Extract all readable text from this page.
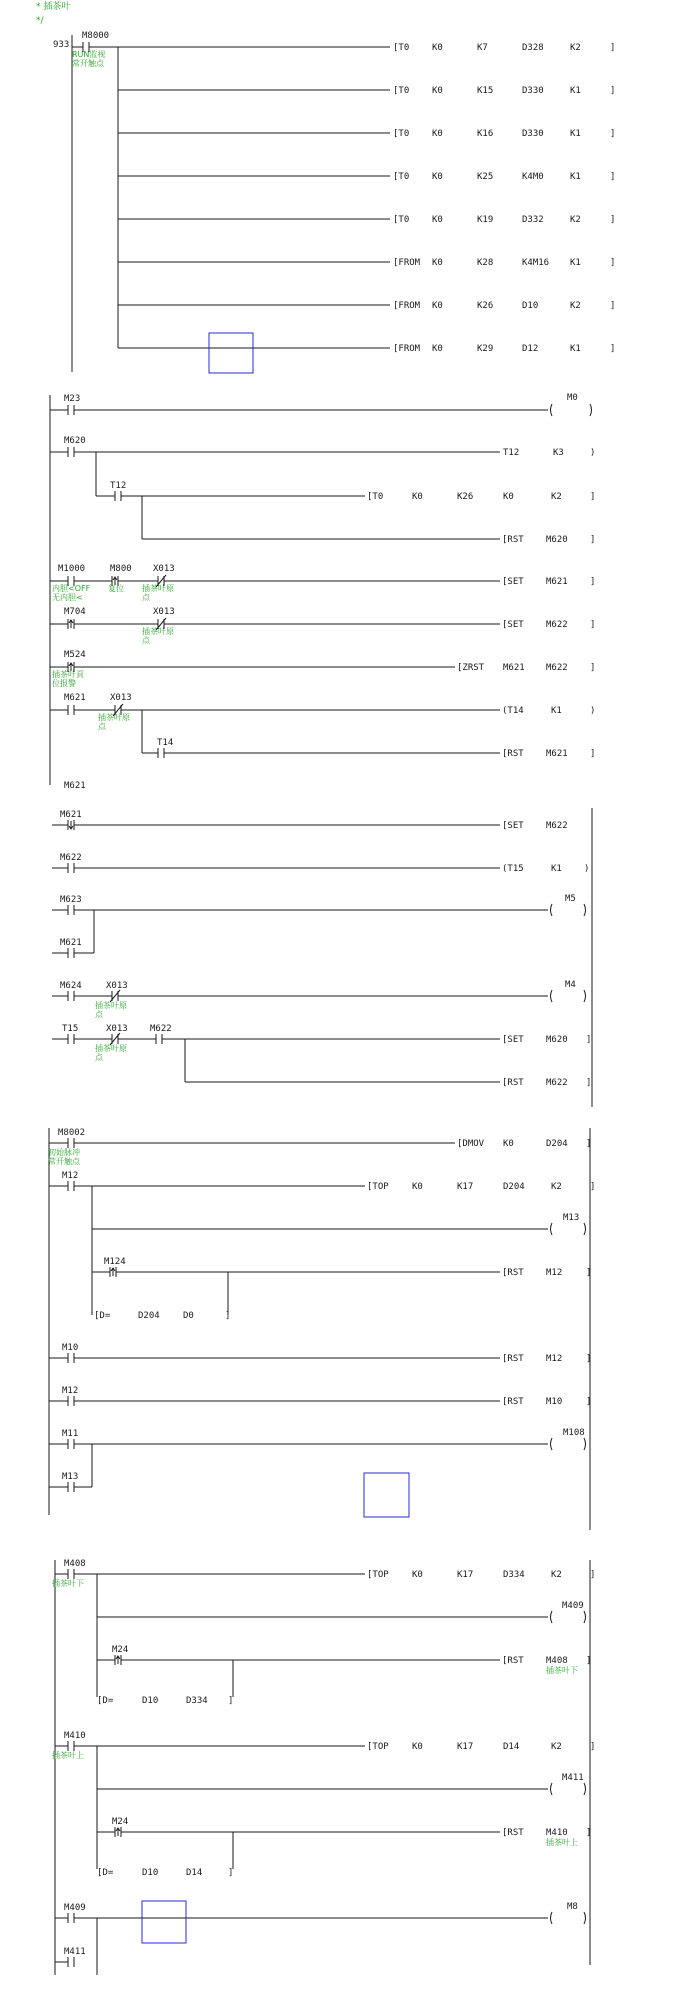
* 插茶叶
*/
933
M8000
RUN监视
常开触点
[T0	K0	K7	D328	K2	]
[T0	K0	K15	D330	K1	]
[T0	K0	K16	D330	K1	]
[T0	K0	K25	K4M0	K1	]
[T0	K0	K19	D332	K2	]
[FROM K0	K28	K4M16 K1	]
[FROM K0	K26	D10	K2	]
[FROM K0	K29	D12	K1	]
M23	M0
M620
T12	K3	)
T12
[T0	K0	K26	K0	K2	]
[RST M620 ]
M1000
内胆<OFF
无内胆<
M800
复位
X013
插茶叶原
点
[SET M621 ]
M704	X013
插茶叶原
点
[SET M622 ]
M524
插茶叶頁
位报警
[ZRST M621 M622 ]
M621	X013
插茶叶原
点
(T14	K1	)
T14
[RST M621 ]
M621
M621
[SET M622
M622
(T15	K1 )
M623
M621
M5
M624	X013
插茶叶原
点
M4
T15	X013
插茶叶原
点
M622
[SET M620 ]
[RST M622 ]
M8002
初始脉冲
常开触点
[DMOV K0	D204 ]
M12
[TOP	K0	K17	D204	K2	]
M13
M124
[RST M12	]
[D=	D204	D0	]
M10
[RST M12	]
M12
[RST M10	]
M11
M13
M108
M408
插茶叶下
[TOP	K0	K17	D334	K2	]
M409
M24
[RST M408 ]
插茶叶下
[D=	D10	D334 ]
M410
插茶叶上
[TOP	K0	K17	D14	K2	]
M411
M24
[RST M410 ]
插茶叶上
[D=	D10	D14	]
M409	M8
M411
